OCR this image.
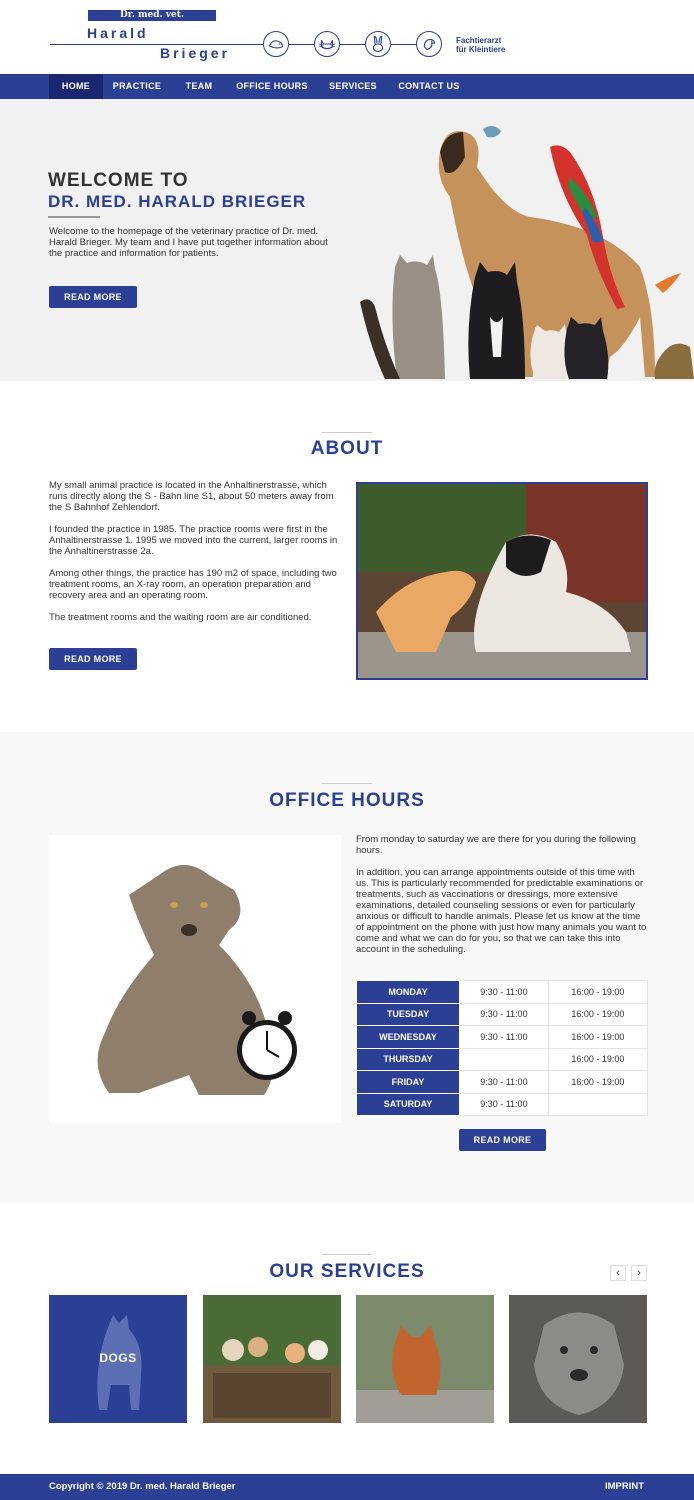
Dr. med. vet.
Harald
Brieger
Fachtierarzt
für Kleintiere
HOME	PRACTICE	TEAM	OFFICE HOURS	SERVICES	CONTACT US
WELCOME TO
DR. MED. HARALD BRIEGER
Welcome to the homepage of the veterinary practice of Dr. med. Harald Brieger. My team and I have put together information about the practice and information for patients.
READ MORE
ABOUT
My small animal practice is located in the Anhaltinerstrasse, which runs directly along the S - Bahn line S1, about 50 meters away from the S Bahnhof Zehlendorf.
I founded the practice in 1985. The practice rooms were first in the Anhaltinerstrasse 1. 1995 we moved into the current, larger rooms in the Anhaltinerstrasse 2a.
Among other things, the practice has 190 m2 of space, including two treatment rooms, an X-ray room, an operation preparation and recovery area and an operating room.
The treatment rooms and the waiting room are air conditioned.
READ MORE
OFFICE HOURS
From monday to saturday we are there for you during the following hours.
In addition, you can arrange appointments outside of this time with us. This is particularly recommended for predictable examinations or treatments, such as vaccinations or dressings, more extensive examinations, detailed counseling sessions or even for particularly anxious or difficult to handle animals. Please let us know at the time of appointment on the phone with just how many animals you want to come and what we can do for you, so that we can take this into account in the scheduling.
MONDAY	9:30 - 11:00	16:00 - 19:00
TUESDAY	9:30 - 11:00	16:00 - 19:00
WEDNESDAY	9:30 - 11:00	16:00 - 19:00
THURSDAY		16:00 - 19:00
FRIDAY	9:30 - 11:00	16:00 - 19:00
SATURDAY	9:30 - 11:00	
READ MORE
OUR SERVICES	‹	›
DOGS
Copyright © 2019 Dr. med. Harald Brieger	IMPRINT
